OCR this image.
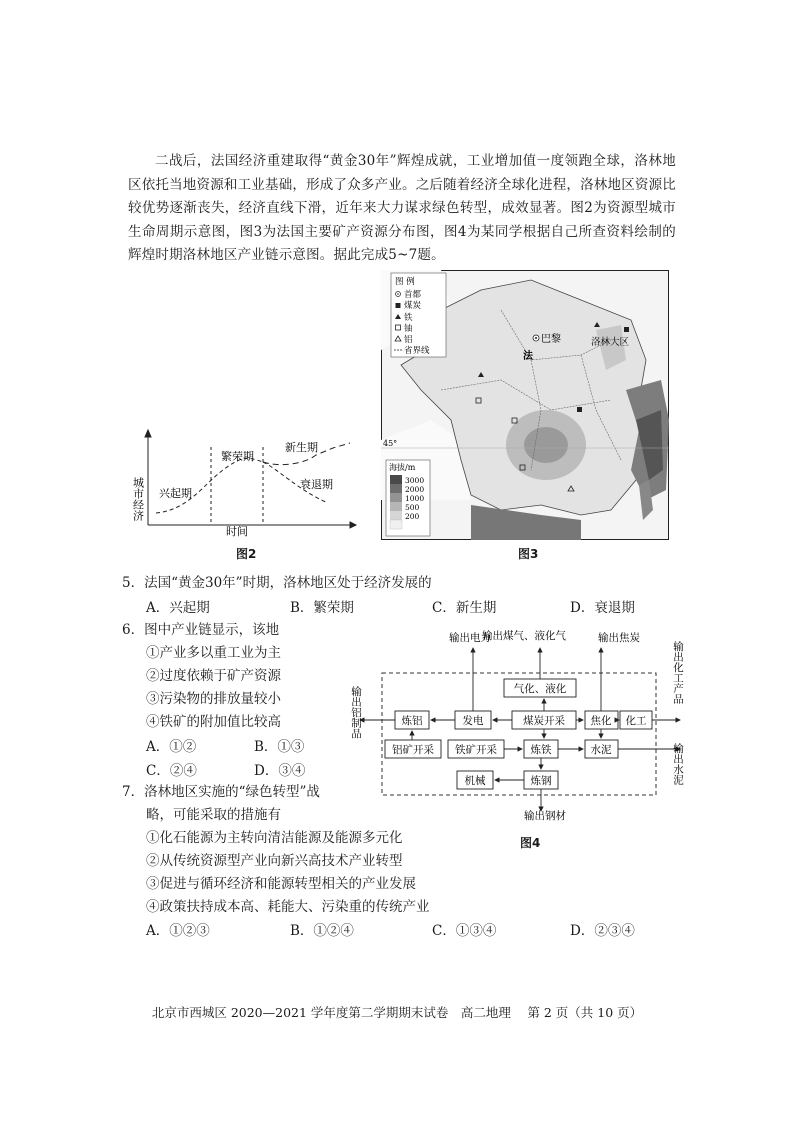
二战后，法国经济重建取得“黄金30年”辉煌成就，工业增加值一度领跑全球，洛林地区依托当地资源和工业基础，形成了众多产业。之后随着经济全球化进程，洛林地区资源比较优势逐渐丧失，经济直线下滑，近年来大力谋求绿色转型，成效显著。图2为资源型城市生命周期示意图，图3为法国主要矿产资源分布图，图4为某同学根据自己所查资料绘制的辉煌时期洛林地区产业链示意图。据此完成5~7题。
兴起期
繁荣期
新生期
衰退期
时间
城市经济
图2
45°
图 例
首都
煤炭
铁
铀
铝
省界线
巴黎
法
洛林大区
海拔/m
3000
2000
1000
500
200
图3
5．法国“黄金30年”时期，洛林地区处于经济发展的
A．兴起期	B．繁荣期	C．新生期	D．衰退期
6．图中产业链显示，该地
①产业多以重工业为主
②过度依赖于矿产资源
③污染物的排放量较小
④铁矿的附加值比较高
A．①②	B．①③
C．②④	D．③④
气化、液化
炼铝	发电	煤炭开采 焦化 化工
铝矿开采 铁矿开采	炼铁	水泥
机械	炼钢
输出电力
输出煤气、液化气	输出焦炭
输出钢材
输出铝制品
输出化工产品
输出水泥
图4
7．洛林地区实施的“绿色转型”战
略，可能采取的措施有
①化石能源为主转向清洁能源及能源多元化
②从传统资源型产业向新兴高技术产业转型
③促进与循环经济和能源转型相关的产业发展
④政策扶持成本高、耗能大、污染重的传统产业
A．①②③	B．①②④	C．①③④	D．②③④
北京市西城区 2020—2021 学年度第二学期期末试卷　高二地理　 第 2 页（共 10 页）
